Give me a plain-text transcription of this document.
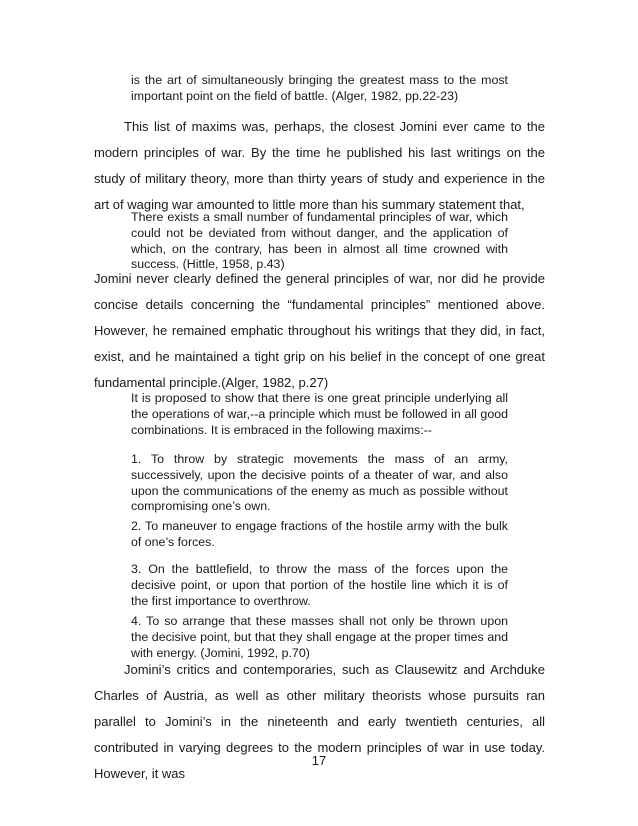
is the art of simultaneously bringing the greatest mass to the most important point on the field of battle. (Alger, 1982, pp.22-23)

This list of maxims was, perhaps, the closest Jomini ever came to the modern principles of war. By the time he published his last writings on the study of military theory, more than thirty years of study and experience in the art of waging war amounted to little more than his summary statement that,

There exists a small number of fundamental principles of war, which could not be deviated from without danger, and the application of which, on the contrary, has been in almost all time crowned with success. (Hittle, 1958, p.43)

Jomini never clearly defined the general principles of war, nor did he provide concise details concerning the “fundamental principles” mentioned above. However, he remained emphatic throughout his writings that they did, in fact, exist, and he maintained a tight grip on his belief in the concept of one great fundamental principle.(Alger, 1982, p.27)

It is proposed to show that there is one great principle underlying all the operations of war,--a principle which must be followed in all good combinations. It is embraced in the following maxims:--

1. To throw by strategic movements the mass of an army, successively, upon the decisive points of a theater of war, and also upon the communications of the enemy as much as possible without compromising one’s own.

2. To maneuver to engage fractions of the hostile army with the bulk of one’s forces.

3. On the battlefield, to throw the mass of the forces upon the decisive point, or upon that portion of the hostile line which it is of the first importance to overthrow.

4. To so arrange that these masses shall not only be thrown upon the decisive point, but that they shall engage at the proper times and with energy. (Jomini, 1992, p.70)

Jomini’s critics and contemporaries, such as Clausewitz and Archduke Charles of Austria, as well as other military theorists whose pursuits ran parallel to Jomini’s in the nineteenth and early twentieth centuries, all contributed in varying degrees to the modern principles of war in use today. However, it was

17
